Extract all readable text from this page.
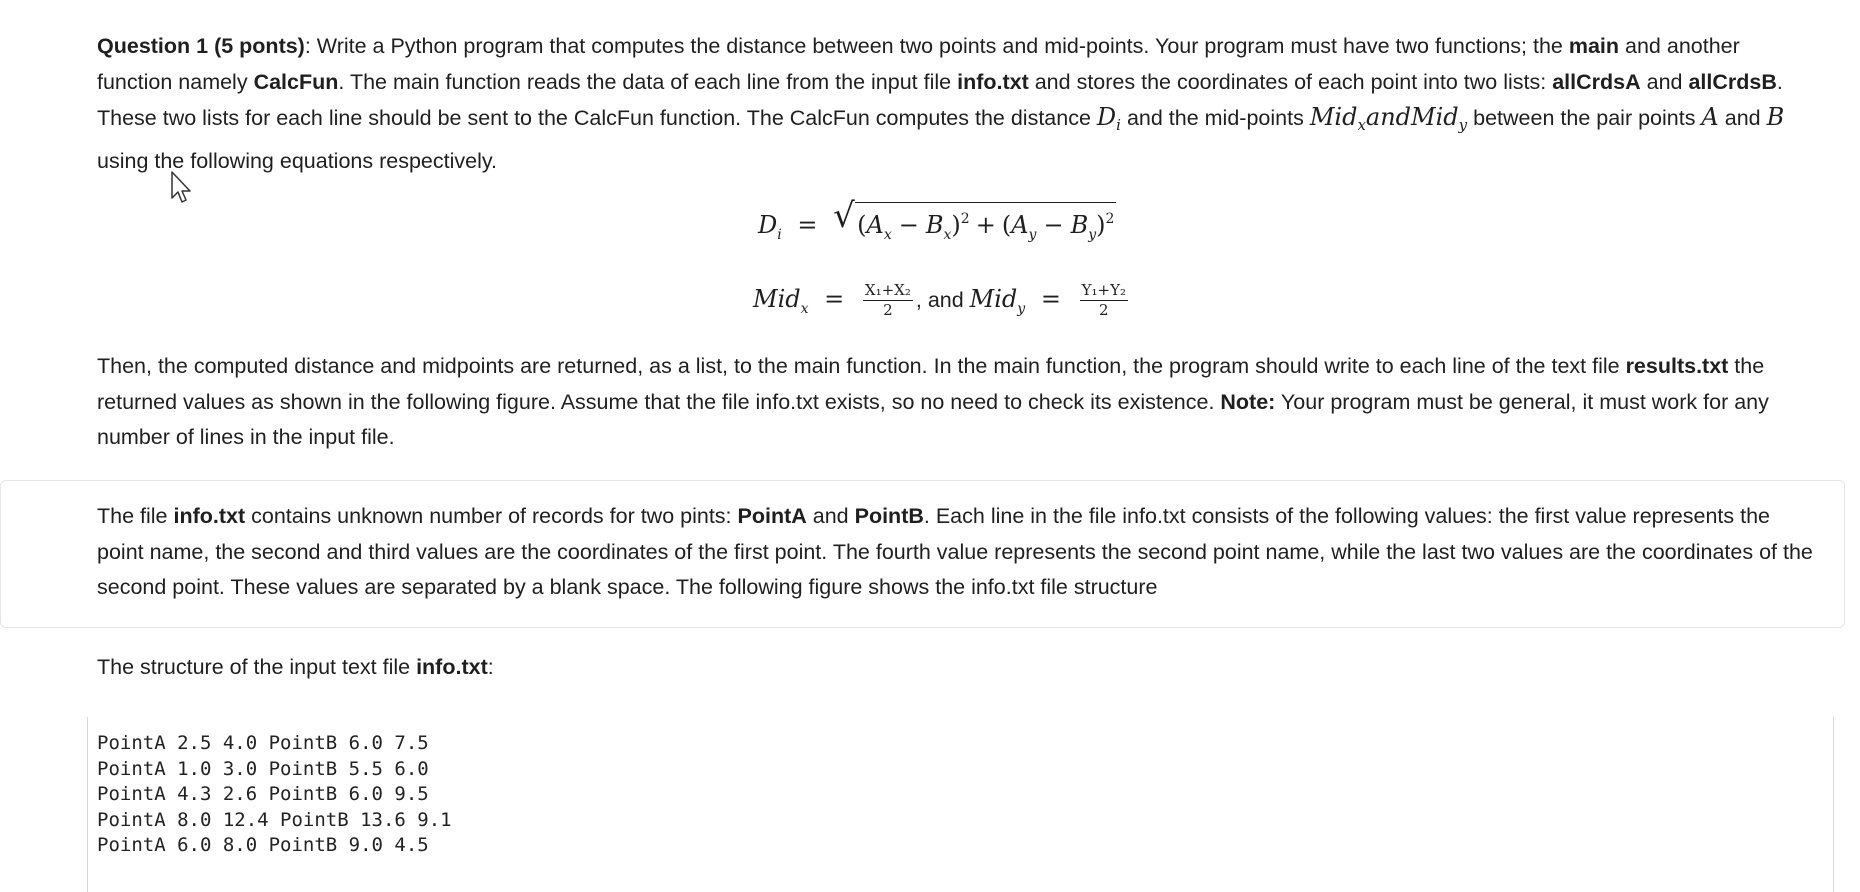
Question 1 (5 ponts): Write a Python program that computes the distance between two points and mid-points. Your program must have two functions; the main and another function namely CalcFun. The main function reads the data of each line from the input file info.txt and stores the coordinates of each point into two lists: allCrdsA and allCrdsB. These two lists for each line should be sent to the CalcFun function. The CalcFun computes the distance $D_i$ and the mid-points Mid$_x$andMid$_y$ between the pair points A and B using the following equations respectively.

$D_i$ = √ $(A_x - B_x)^2 + (A_y - B_y)^2$
$Mid_x = \frac{\text{X₁+X₂}}{2}$ , and $Mid_y = \frac{\text{Y₁+Y₂}}{2}$

Then, the computed distance and midpoints are returned, as a list, to the main function. In the main function, the program should write to each line of the text file results.txt the returned values as shown in the following figure. Assume that the file info.txt exists, so no need to check its existence. Note: Your program must be general, it must work for any number of lines in the input file.

The file info.txt contains unknown number of records for two pints: PointA and PointB. Each line in the file info.txt consists of the following values: the first value represents the point name, the second and third values are the coordinates of the first point. The fourth value represents the second point name, while the last two values are the coordinates of the second point. These values are separated by a blank space. The following figure shows the info.txt file structure

The structure of the input text file info.txt:

PointA 2.5 4.0 PointB 6.0 7.5
PointA 1.0 3.0 PointB 5.5 6.0
PointA 4.3 2.6 PointB 6.0 9.5
PointA 8.0 12.4 PointB 13.6 9.1
PointA 6.0 8.0 PointB 9.0 4.5
